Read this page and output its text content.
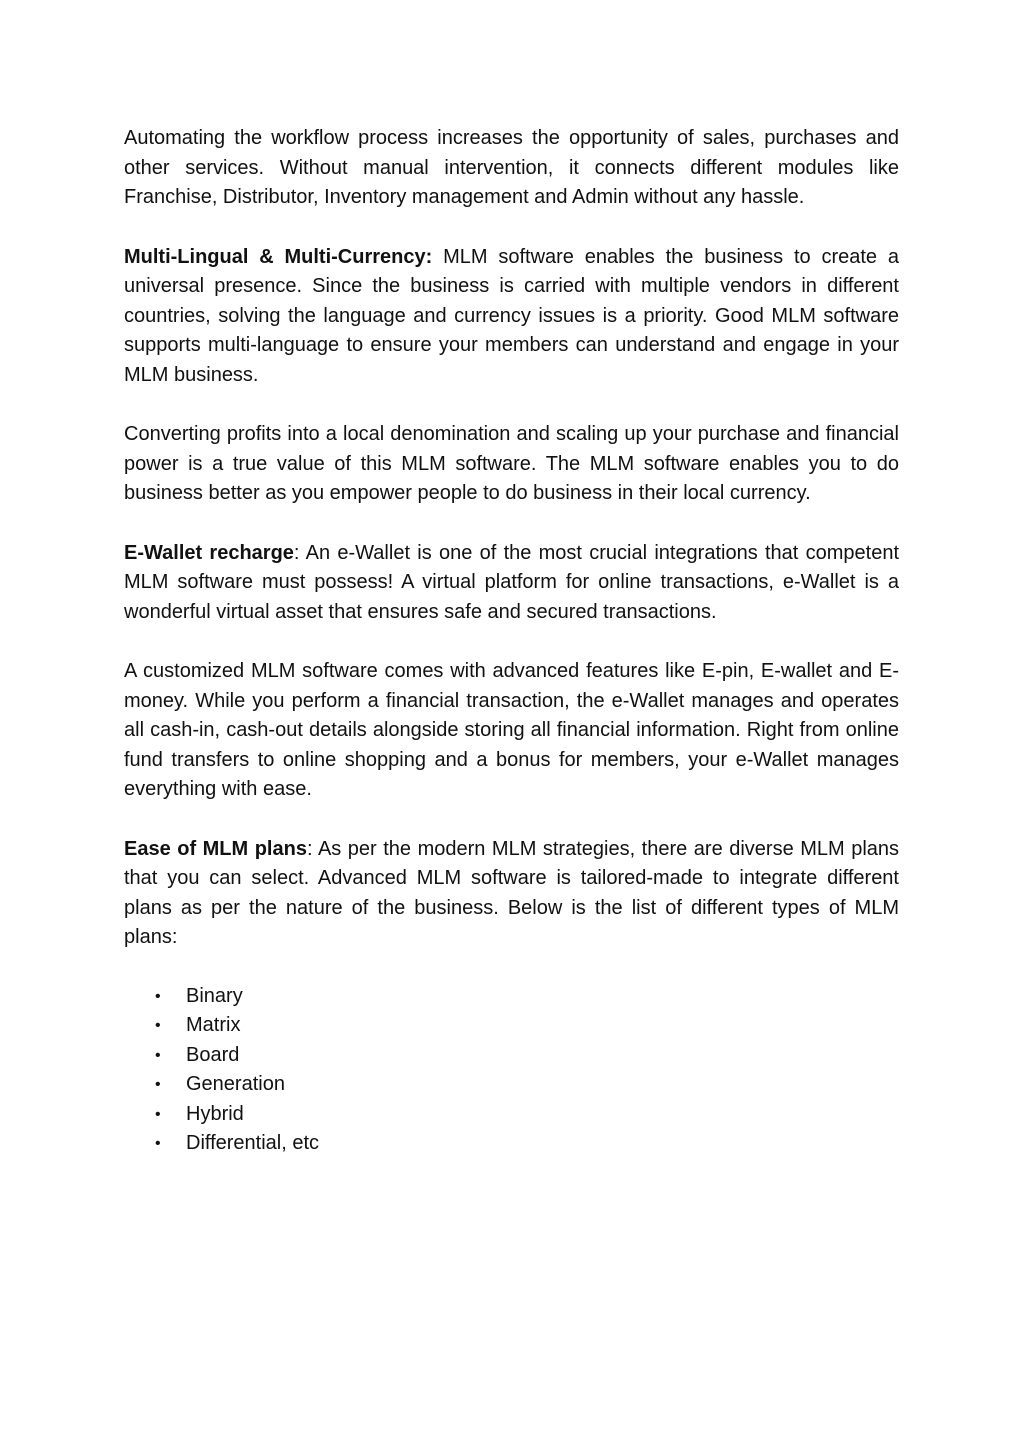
Automating the workflow process increases the opportunity of sales, purchases and other services. Without manual intervention, it connects different modules like Franchise, Distributor, Inventory management and Admin without any hassle.

Multi-Lingual & Multi-Currency: MLM software enables the business to create a universal presence. Since the business is carried with multiple vendors in different countries, solving the language and currency issues is a priority. Good MLM software supports multi-language to ensure your members can understand and engage in your MLM business.

Converting profits into a local denomination and scaling up your purchase and financial power is a true value of this MLM software. The MLM software enables you to do business better as you empower people to do business in their local currency.

E-Wallet recharge: An e-Wallet is one of the most crucial integrations that competent MLM software must possess! A virtual platform for online transactions, e-Wallet is a wonderful virtual asset that ensures safe and secured transactions.

A customized MLM software comes with advanced features like E-pin, E-wallet and E-money. While you perform a financial transaction, the e-Wallet manages and operates all cash-in, cash-out details alongside storing all financial information. Right from online fund transfers to online shopping and a bonus for members, your e-Wallet manages everything with ease.

Ease of MLM plans: As per the modern MLM strategies, there are diverse MLM plans that you can select. Advanced MLM software is tailored-made to integrate different plans as per the nature of the business. Below is the list of different types of MLM plans:

• Binary
• Matrix
• Board
• Generation
• Hybrid
• Differential, etc
